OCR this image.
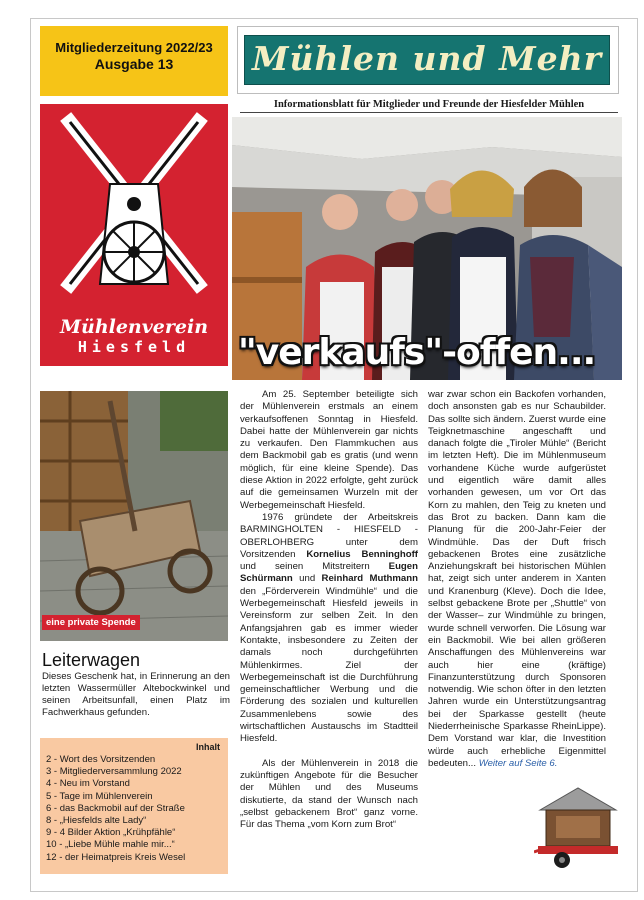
Mitgliederzeitung 2022/23
Ausgabe 13	Mühlen und Mehr
Informationsblatt für Mitglieder und Freunde der Hiesfelder Mühlen
Mühlenverein
Hiesfeld	"verkaufs"-offen...
eine private Spende
Leiterwagen
Dieses Geschenk hat, in Erinnerung an den letzten Wassermüller Altebockwinkel und seinen Arbeitsunfall, einen Platz im Fachwerkhaus gefunden.
Inhalt
2 - Wort des Vorsitzenden
3 - Mitgliederversammlung 2022
4 - Neu im Vorstand
5 - Tage im Mühlenverein
6 - das Backmobil auf der Straße
8 - „Hiesfelds alte Lady“
9 - 4 Bilder Aktion „Krühpfähle“
10 - „Liebe Mühle mahle mir...“
12 - der Heimatpreis Kreis Wesel

Am 25. September beteiligte sich der Mühlenverein erstmals an einem verkaufsoffenen Sonntag in Hiesfeld. Dabei hatte der Mühlenverein gar nichts zu verkaufen. Den Flammkuchen aus dem Backmobil gab es gratis (und wenn möglich, für eine kleine Spende). Das diese Aktion in 2022 erfolgte, geht zurück auf die gemeinsamen Wurzeln mit der Werbegemeinschaft Hiesfeld.

1976 gründete der Arbeitskreis BARMINGHOLTEN - HIESFELD - OBERLOHBERG unter dem Vorsitzenden Kornelius Benninghoff und seinen Mitstreitern Eugen Schürmann und Reinhard Muthmann den „Förderverein Windmühle“ und die Werbegemeinschaft Hiesfeld jeweils in Vereinsform zur selben Zeit. In den Anfangsjahren gab es immer wieder Kontakte, insbesondere zu Zeiten der damals noch durchgeführten Mühlenkirmes. Ziel der Werbegemeinschaft ist die Durchführung gemeinschaftlicher Werbung und die Förderung des sozialen und kulturellen Zusammenlebens sowie des wirtschaftlichen Austauschs im Stadtteil Hiesfeld.

Als der Mühlenverein in 2018 die zukünftigen Angebote für die Besucher der Mühlen und des Museums diskutierte, da stand der Wunsch nach „selbst gebackenem Brot“ ganz vorne. Für das Thema „vom Korn zum Brot“

war zwar schon ein Backofen vorhanden, doch ansonsten gab es nur Schaubilder. Das sollte sich ändern. Zuerst wurde eine Teigknetmaschine angeschafft und danach folgte die „Tiroler Mühle“ (Bericht im letzten Heft). Die im Mühlenmuseum vorhandene Küche wurde aufgerüstet und eigentlich wäre damit alles vorhanden gewesen, um vor Ort das Korn zu mahlen, den Teig zu kneten und das Brot zu backen. Dann kam die Planung für die 200-Jahr-Feier der Windmühle. Das der Duft frisch gebackenen Brotes eine zusätzliche Anziehungskraft bei historischen Mühlen hat, zeigt sich unter anderem in Xanten und Kranenburg (Kleve). Doch die Idee, selbst gebackene Brote per „Shuttle“ von der Wasser– zur Windmühle zu bringen, wurde schnell verworfen. Die Lösung war ein Backmobil. Wie bei allen größeren Anschaffungen des Mühlenvereins war auch hier eine (kräftige) Finanzunterstützung durch Sponsoren notwendig. Wie schon öfter in den letzten Jahren wurde ein Unterstützungsantrag bei der Sparkasse gestellt (heute Niederrheinische Sparkasse RheinLippe). Dem Vorstand war klar, die Investition würde auch erhebliche Eigenmittel bedeuten... Weiter auf Seite 6.
